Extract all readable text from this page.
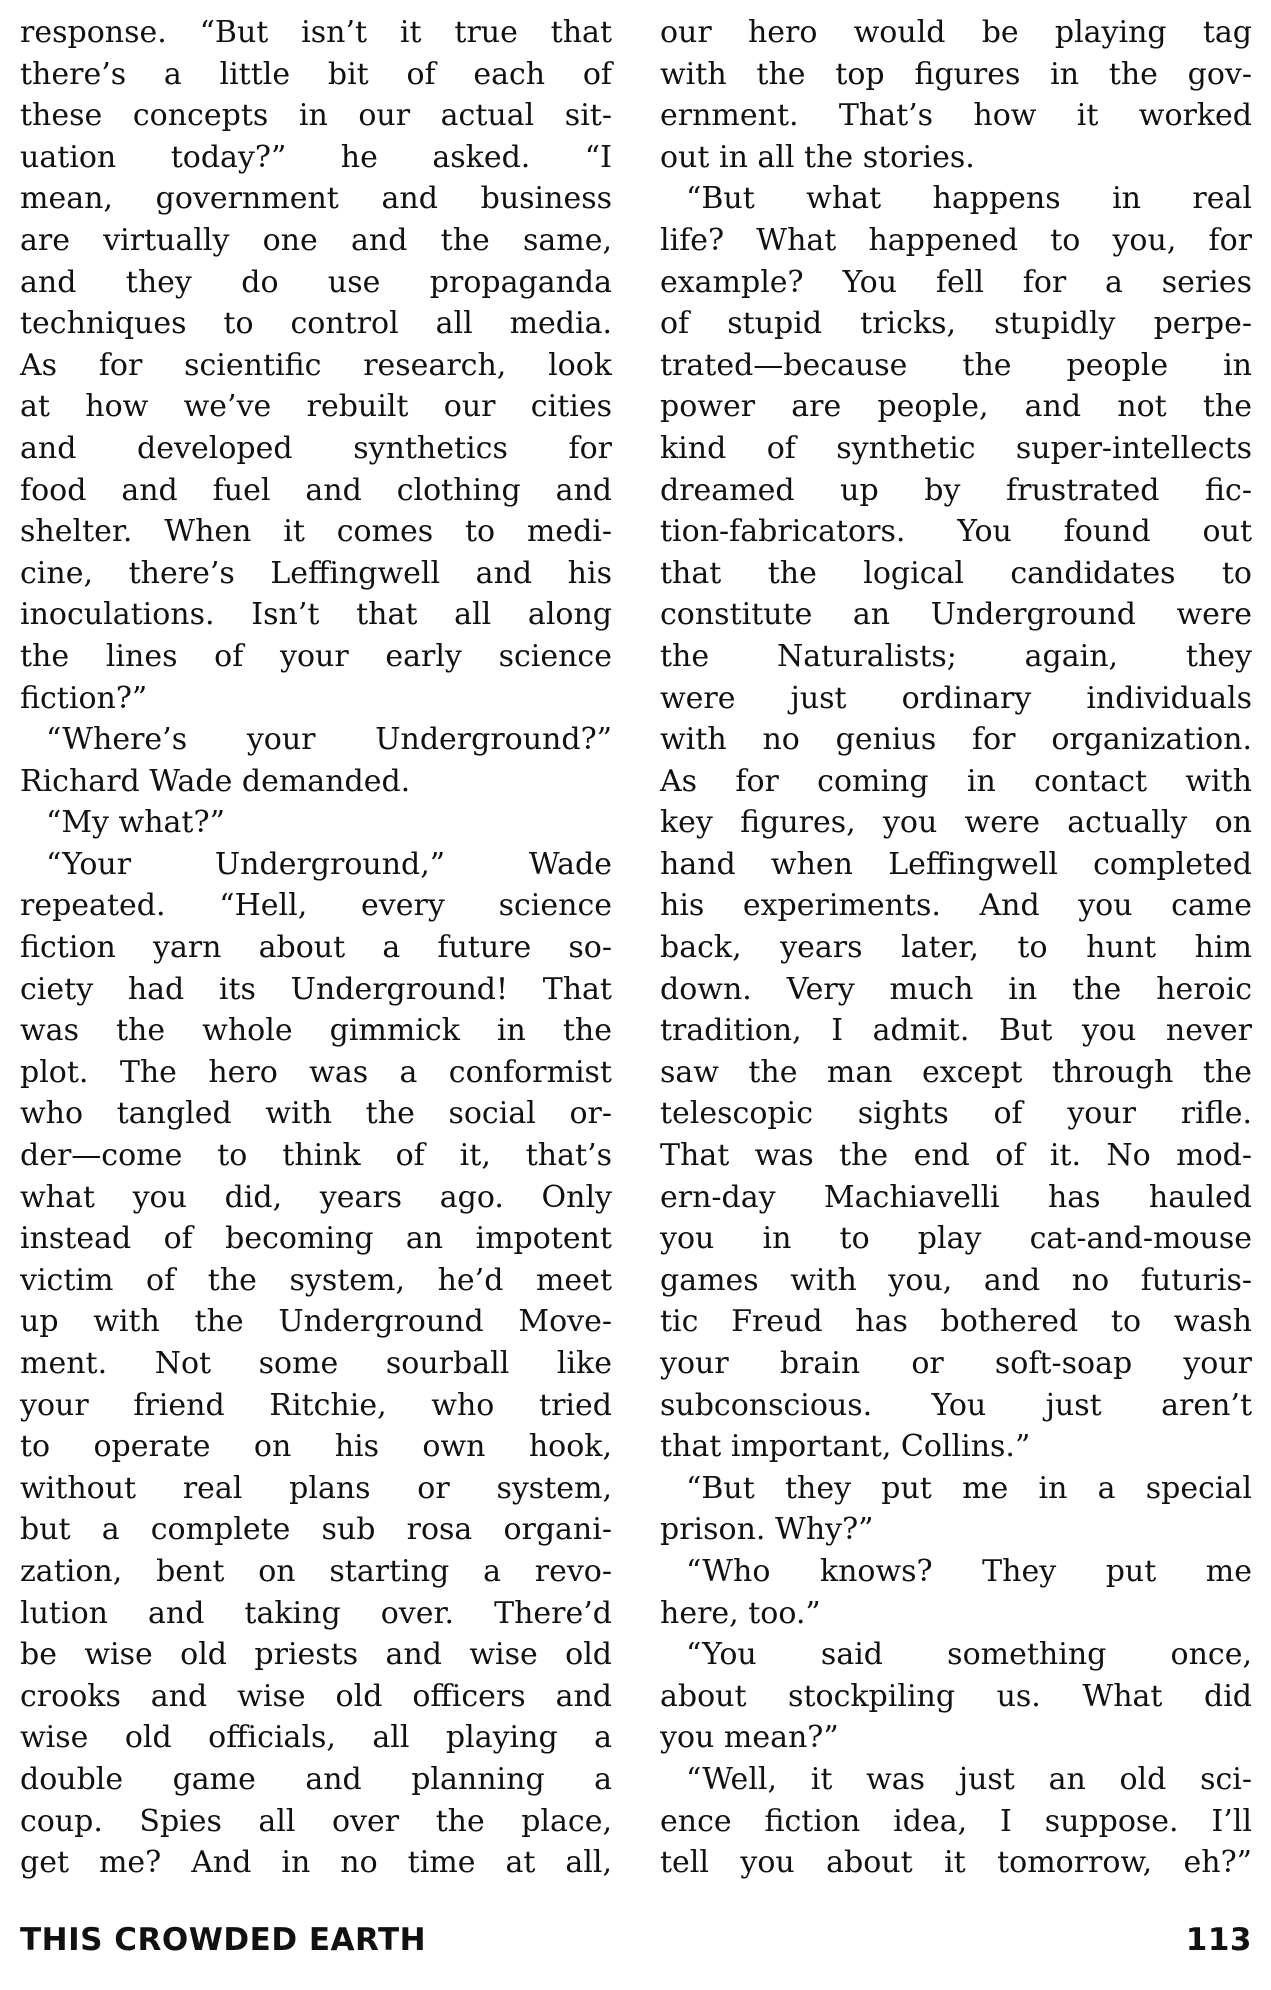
response. “But isn’t it true that
there’s a little bit of each of
these concepts in our actual sit-
uation today?” he asked. “I
mean, government and business
are virtually one and the same,
and they do use propaganda
techniques to control all media.
As for scientific research, look
at how we’ve rebuilt our cities
and developed synthetics for
food and fuel and clothing and
shelter. When it comes to medi-
cine, there’s Leffingwell and his
inoculations. Isn’t that all along
the lines of your early science
fiction?”
“Where’s your Underground?”
Richard Wade demanded.
“My what?”
“Your Underground,” Wade
repeated. “Hell, every science
fiction yarn about a future so-
ciety had its Underground! That
was the whole gimmick in the
plot. The hero was a conformist
who tangled with the social or-
der—come to think of it, that’s
what you did, years ago. Only
instead of becoming an impotent
victim of the system, he’d meet
up with the Underground Move-
ment. Not some sourball like
your friend Ritchie, who tried
to operate on his own hook,
without real plans or system,
but a complete sub rosa organi-
zation, bent on starting a revo-
lution and taking over. There’d
be wise old priests and wise old
crooks and wise old officers and
wise old officials, all playing a
double game and planning a
coup. Spies all over the place,
get me? And in no time at all,
our hero would be playing tag
with the top figures in the gov-
ernment. That’s how it worked
out in all the stories.
“But what happens in real
life? What happened to you, for
example? You fell for a series
of stupid tricks, stupidly perpe-
trated—because the people in
power are people, and not the
kind of synthetic super-intellects
dreamed up by frustrated fic-
tion-fabricators. You found out
that the logical candidates to
constitute an Underground were
the Naturalists; again, they
were just ordinary individuals
with no genius for organization.
As for coming in contact with
key figures, you were actually on
hand when Leffingwell completed
his experiments. And you came
back, years later, to hunt him
down. Very much in the heroic
tradition, I admit. But you never
saw the man except through the
telescopic sights of your rifle.
That was the end of it. No mod-
ern-day Machiavelli has hauled
you in to play cat-and-mouse
games with you, and no futuris-
tic Freud has bothered to wash
your brain or soft-soap your
subconscious. You just aren’t
that important, Collins.”
“But they put me in a special
prison. Why?”
“Who knows? They put me
here, too.”
“You said something once,
about stockpiling us. What did
you mean?”
“Well, it was just an old sci-
ence fiction idea, I suppose. I’ll
tell you about it tomorrow, eh?”
THIS CROWDED EARTH	113
